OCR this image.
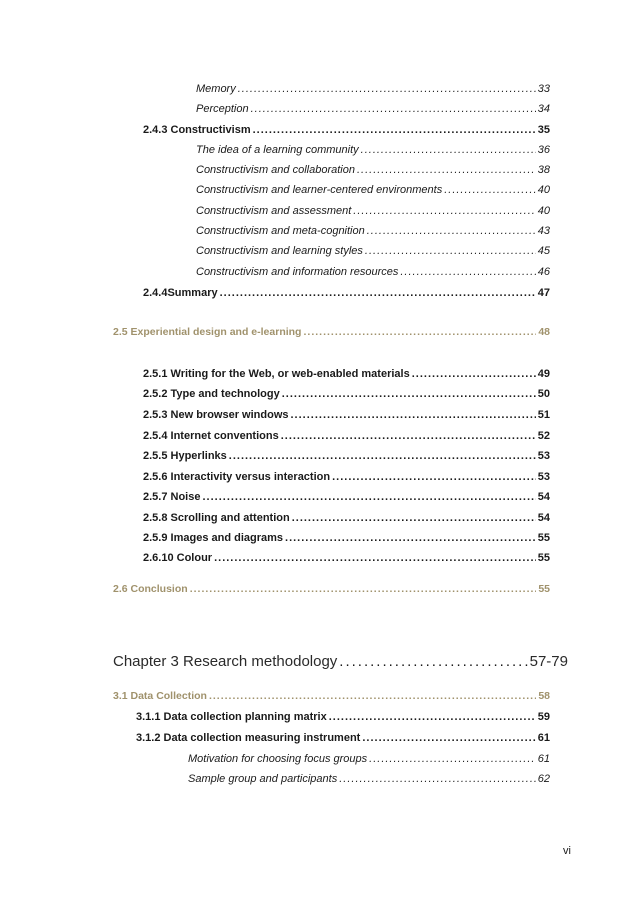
Memory .....	33
Perception .....	34
2.4.3 Constructivism .....	35
The idea of a learning community .....	36
Constructivism and collaboration .....	38
Constructivism and learner-centered environments .....	40
Constructivism and assessment .....	40
Constructivism and meta-cognition .....	43
Constructivism and learning styles .....	45
Constructivism and information resources .....	46
2.4.4Summary .....	47
2.5 Experiential design and e-learning .....	48
2.5.1 Writing for the Web, or web-enabled materials .....	49
2.5.2 Type and technology .....	50
2.5.3 New browser windows .....	51
2.5.4 Internet conventions .....	52
2.5.5 Hyperlinks .....	53
2.5.6 Interactivity versus interaction .....	53
2.5.7 Noise .....	54
2.5.8 Scrolling and attention .....	54
2.5.9 Images and diagrams .....	55
2.6.10 Colour .....	55
2.6 Conclusion .....	55
Chapter 3 Research methodology .....	57-79
3.1 Data Collection .....	58
3.1.1 Data collection planning matrix .....	59
3.1.2 Data collection measuring instrument .....	61
Motivation for choosing focus groups .....	61
Sample group and participants .....	62
vi
